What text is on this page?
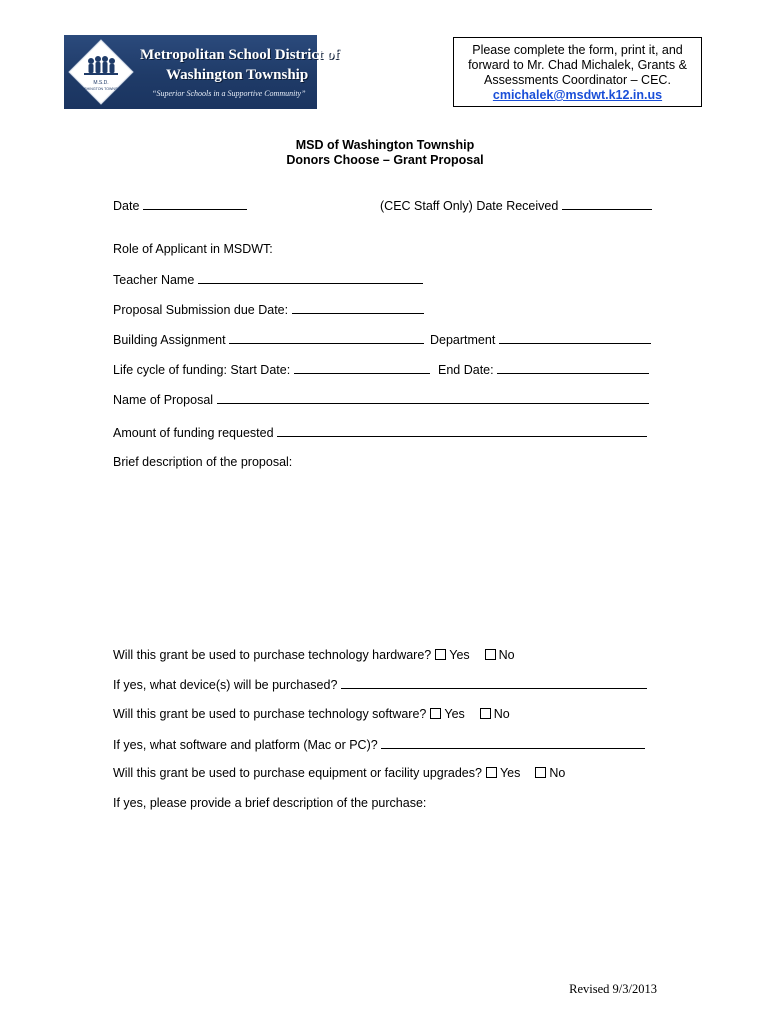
M.S.D.
WASHINGTON TOWNSHIP
Metropolitan School District of
Washington Township
“Superior Schools in a Supportive Community”
Please complete the form, print it, and
forward to Mr. Chad Michalek, Grants &
Assessments Coordinator – CEC.
cmichalek@msdwt.k12.in.us
MSD of Washington Township
Donors Choose – Grant Proposal
Date	(CEC Staff Only) Date Received
Role of Applicant in MSDWT:
Teacher Name
Proposal Submission due Date:
Building Assignment	Department
Life cycle of funding: Start Date:	End Date:
Name of Proposal
Amount of funding requested
Brief description of the proposal:
Will this grant be used to purchase technology hardware? Yes No
If yes, what device(s) will be purchased?
Will this grant be used to purchase technology software? Yes No
If yes, what software and platform (Mac or PC)?
Will this grant be used to purchase equipment or facility upgrades? Yes No
If yes, please provide a brief description of the purchase:
Revised 9/3/2013
